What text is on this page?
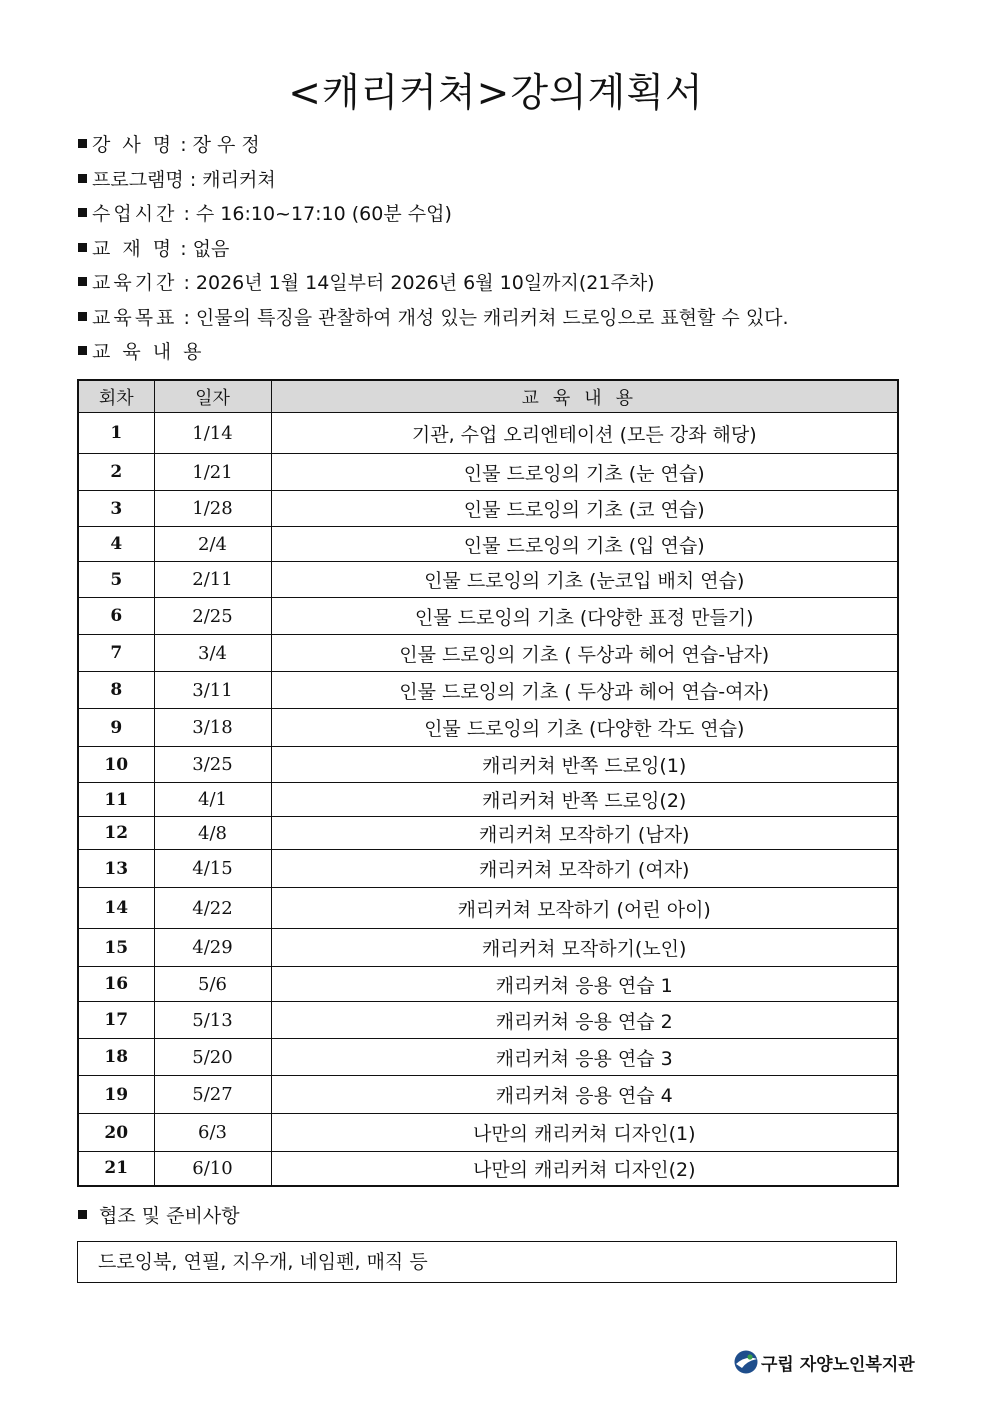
<캐리커쳐>강의계획서
강 사 명 : 장 우 정
프로그램명 : 캐리커쳐
수업시간 : 수 16:10~17:10 (60분 수업)
교 재 명 : 없음
교육기간 : 2026년 1월 14일부터 2026년 6월 10일까지(21주차)
교육목표 : 인물의 특징을 관찰하여 개성 있는 캐리커쳐 드로잉으로 표현할 수 있다.
교 육 내 용
회차	일자	교육내용
1	1/14	기관, 수업 오리엔테이션 (모든 강좌 해당)
2	1/21	인물 드로잉의 기초 (눈 연습)
3	1/28	인물 드로잉의 기초 (코 연습)
4	2/4	인물 드로잉의 기초 (입 연습)
5	2/11	인물 드로잉의 기초 (눈코입 배치 연습)
6	2/25	인물 드로잉의 기초 (다양한 표정 만들기)
7	3/4	인물 드로잉의 기초 ( 두상과 헤어 연습-남자)
8	3/11	인물 드로잉의 기초 ( 두상과 헤어 연습-여자)
9	3/18	인물 드로잉의 기초 (다양한 각도 연습)
10	3/25	캐리커쳐 반쪽 드로잉(1)
11	4/1	캐리커쳐 반쪽 드로잉(2)
12	4/8	캐리커쳐 모작하기 (남자)
13	4/15	캐리커쳐 모작하기 (여자)
14	4/22	캐리커쳐 모작하기 (어린 아이)
15	4/29	캐리커쳐 모작하기(노인)
16	5/6	캐리커쳐 응용 연습 1
17	5/13	캐리커쳐 응용 연습 2
18	5/20	캐리커쳐 응용 연습 3
19	5/27	캐리커쳐 응용 연습 4
20	6/3	나만의 캐리커쳐 디자인(1)
21	6/10	나만의 캐리커쳐 디자인(2)
협조 및 준비사항
드로잉북, 연필, 지우개, 네임펜, 매직 등
구립 자양노인복지관
